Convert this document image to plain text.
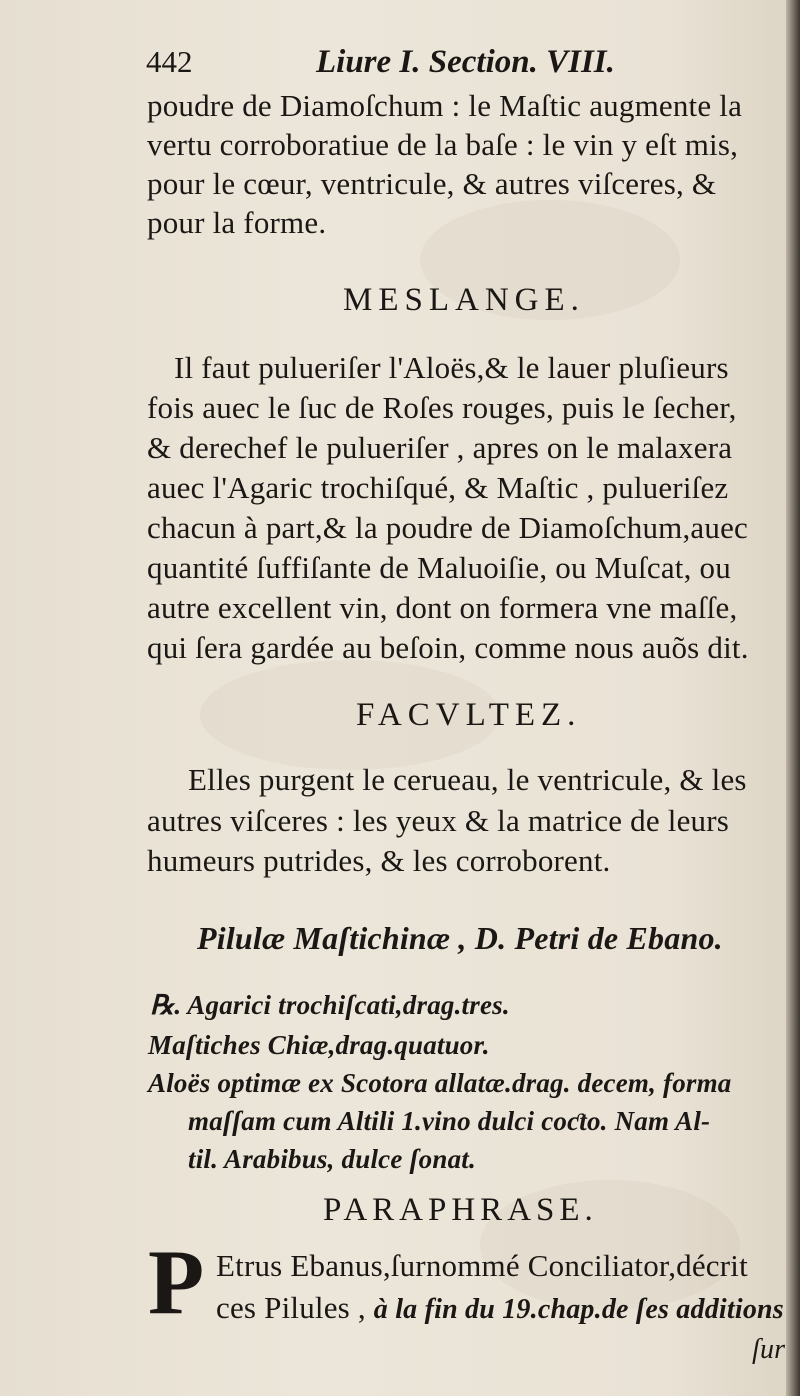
442	Liure I. Section. VIII.
poudre de Diamoſchum : le Maſtic augmente la
vertu corroboratiue de la baſe : le vin y eſt mis,
pour le cœur, ventricule, & autres viſceres, &
pour la forme.
MESLANGE.
Il faut pulueriſer l'Aloës,& le lauer pluſieurs
fois auec le ſuc de Roſes rouges, puis le ſecher,
& derechef le pulueriſer , apres on le malaxera
auec l'Agaric trochiſqué, & Maſtic , pulueriſez
chacun à part,& la poudre de Diamoſchum,auec
quantité ſuffiſante de Maluoiſie, ou Muſcat, ou
autre excellent vin, dont on formera vne maſſe,
qui ſera gardée au beſoin, comme nous auõs dit.
FACVLTEZ.
Elles purgent le cerueau, le ventricule, & les
autres viſceres : les yeux & la matrice de leurs
humeurs putrides, & les corroborent.
Pilulæ Maſtichinæ , D. Petri de Ebano.
℞. Agarici trochiſcati,drag.tres.
Maſtiches Chiæ,drag.quatuor.
Aloës optimæ ex Scotora allatæ.drag. decem, forma
maſſam cum Altili 1.vino dulci coƈto. Nam Al-
til. Arabibus, dulce ſonat.
PARAPHRASE.
P Etrus Ebanus,ſurnommé Conciliator,décrit
ces Pilules , à la fin du 19.chap.de ſes additions
ſur
